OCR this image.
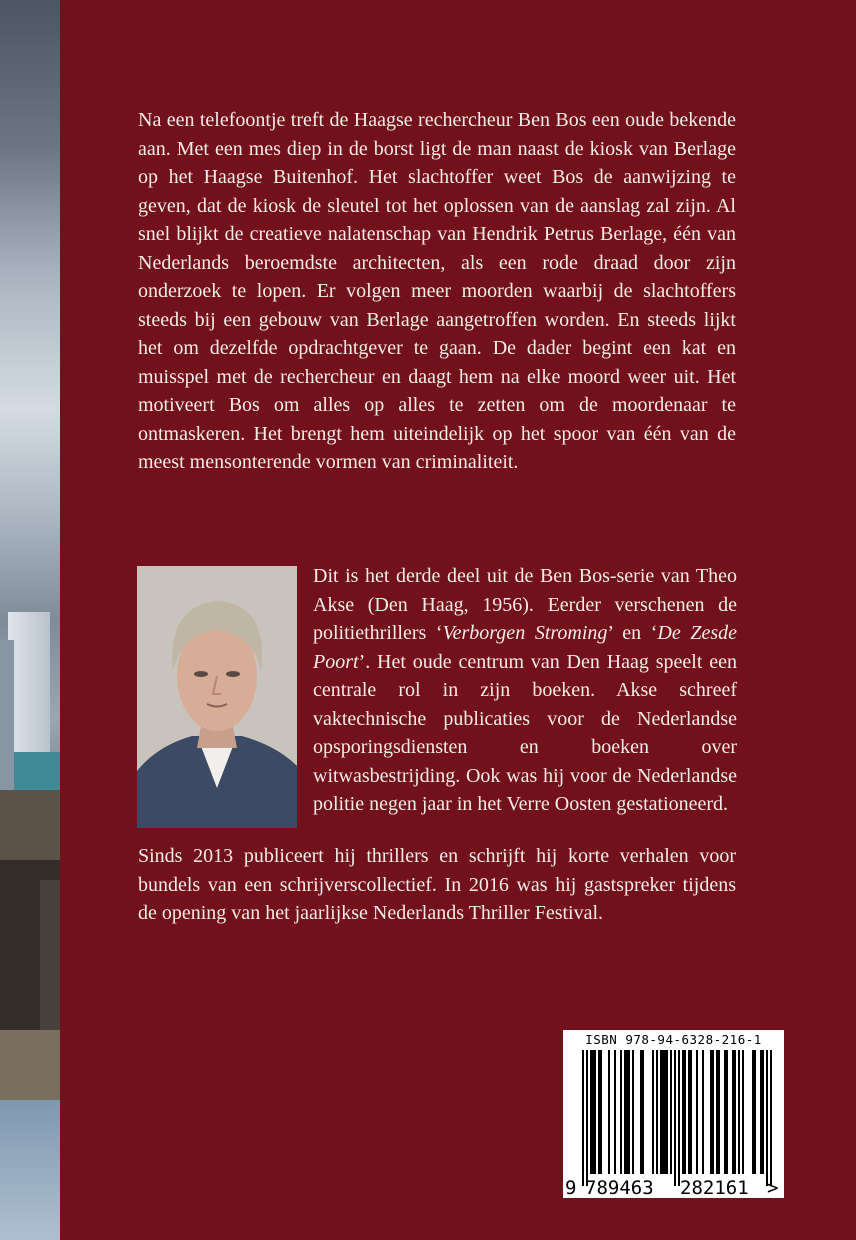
Na een telefoontje treft de Haagse rechercheur Ben Bos een oude bekende aan. Met een mes diep in de borst ligt de man naast de kiosk van Berlage op het Haagse Buitenhof. Het slachtoffer weet Bos de aanwijzing te geven, dat de kiosk de sleutel tot het oplossen van de aanslag zal zijn. Al snel blijkt de creatieve nalatenschap van Hendrik Petrus Berlage, één van Nederlands beroemdste architecten, als een rode draad door zijn onderzoek te lopen. Er volgen meer moorden waarbij de slachtoffers steeds bij een gebouw van Berlage aangetroffen worden. En steeds lijkt het om dezelfde opdrachtgever te gaan. De dader begint een kat en muisspel met de rechercheur en daagt hem na elke moord weer uit. Het motiveert Bos om alles op alles te zetten om de moordenaar te ontmaskeren. Het brengt hem uiteindelijk op het spoor van één van de meest mensonterende vormen van criminaliteit.

Dit is het derde deel uit de Ben Bos-serie van Theo Akse (Den Haag, 1956). Eerder verschenen de politiethrillers ‘Verborgen Stroming’ en ‘De Zesde Poort’. Het oude centrum van Den Haag speelt een centrale rol in zijn boeken. Akse schreef vaktechnische publicaties voor de Nederlandse opsporingsdiensten en boeken over witwasbestrijding. Ook was hij voor de Nederlandse politie negen jaar in het Verre Oosten gestationeerd.

Sinds 2013 publiceert hij thrillers en schrijft hij korte verhalen voor bundels van een schrijverscollectief. In 2016 was hij gastspreker tijdens de opening van het jaarlijkse Nederlands Thriller Festival.

ISBN 978-94-6328-216-1
9 789463 282161 >
